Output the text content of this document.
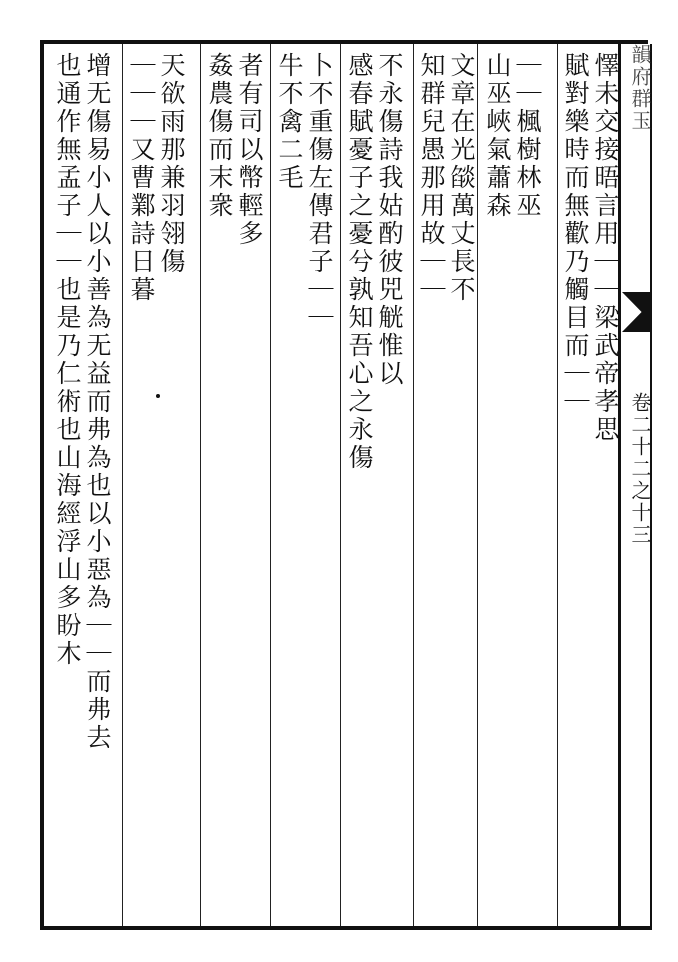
韻府群玉
卷二十二之十三
懌未交接晤言用｜｜梁武帝孝思
賦對樂時而無歡乃觸目而｜｜
｜｜楓樹林巫
山巫峽氣蕭森
文章在光燄萬丈長不
知群兒愚那用故｜｜
不永傷詩我姑酌彼兕觥惟以
感春賦憂子之憂兮孰知吾心之永傷
卜不重傷左傳君子｜｜
牛不禽二毛
者有司以幣輕多
姦農傷而末衆
天欲雨那兼羽翎傷
｜｜｜又曹鄴詩日暮
增无傷易小人以小善為无益而弗為也以小惡為｜｜而弗去
也通作無孟子｜｜也是乃仁術也山海經浮山多盼木
